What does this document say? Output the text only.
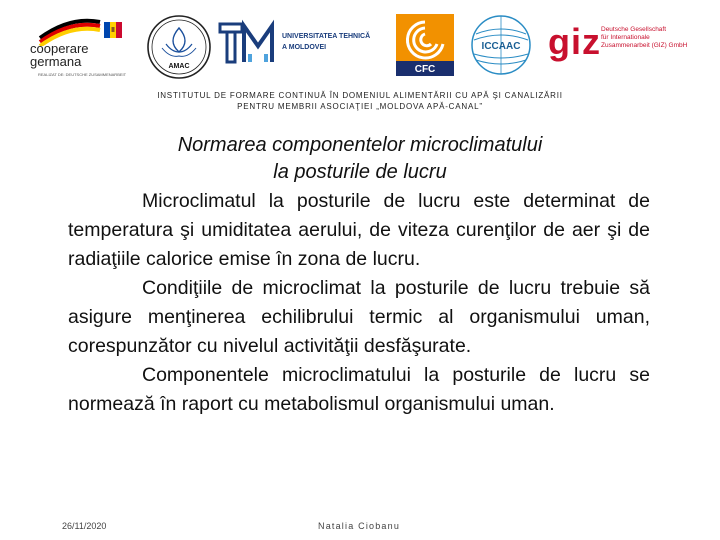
cooperare
germana
REALIZAT DE: DEUTSCHE ZUSAMMENARBEIT
AMAC
UNIVERSITATEA TEHNICĂ
A MOLDOVEI
CFC
ICCAAC giz Deutsche Gesellschaft
für Internationale
Zusammenarbeit (GIZ) GmbH
INSTITUTUL DE FORMARE CONTINUĂ ÎN DOMENIUL ALIMENTĂRII CU APĂ ŞI CANALIZĂRII
PENTRU MEMBRII ASOCIAŢIEI „MOLDOVA APĂ-CANAL”
Normarea componentelor microclimatului
la posturile de lucru

Microclimatul la posturile de lucru este determinat de temperatura şi umiditatea aerului, de viteza curenţilor de aer şi de radiaţiile calorice emise în zona de lucru.

Condiţiile de microclimat la posturile de lucru trebuie să asigure menţinerea echilibrului termic al organismului uman, corespunzător cu nivelul activităţii desfăşurate.

Componentele microclimatului la posturile de lucru se normează în raport cu metabolismul organismului uman.

26/11/2020	Natalia Ciobanu
